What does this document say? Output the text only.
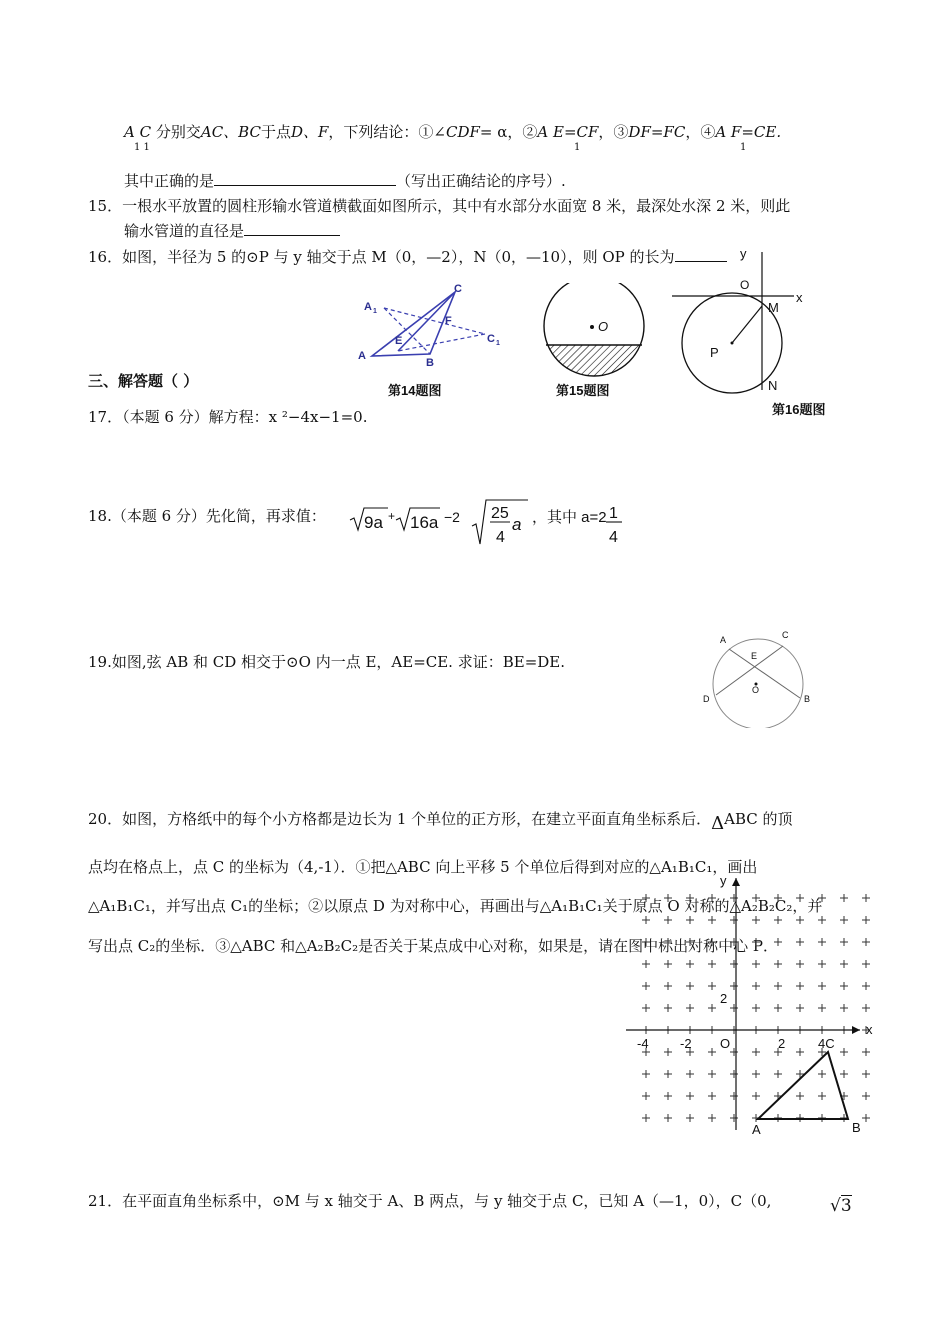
A C 分别交AC、BC于点D、F，下列结论：①∠CDF= α，②A E=CF，③DF=FC，④A F=CE.
1 1	1	1
其中正确的是	（写出正确结论的序号）.
15．一根水平放置的圆柱形输水管道横截面如图所示，其中有水部分水面宽 8 米，最深处水深 2 米，则此
输水管道的直径是
16．如图，半径为 5 的⊙P 与 y 轴交于点 M（0，—2），N（0，—10），则 OP 的长为
A 1
C
F
C 1
E
A
B
第14题图
O
第15题图
y
O
x
M
P
N
第16题图
三、解答题（ ）
17．（本题 6 分）解方程：x ²−4x−1=0.
18.（本题 6 分）先化简，再求值： 9a + 16a −2 25
4
a ，其中 a=2 1
4
19.如图,弦 AB 和 CD 相交于⊙O 内一点 E，AE=CE. 求证：BE=DE.
A	C
E
O
D	B
20．如图，方格纸中的每个小方格都是边长为 1 个单位的正方形，在建立平面直角坐标系后．ΔABC 的顶
点均在格点上，点 C 的坐标为（4,-1）．①把△ABC 向上平移 5 个单位后得到对应的△A₁B₁C₁，画出
△A₁B₁C₁，并写出点 C₁的坐标；②以原点 D 为对称中心，再画出与△A₁B₁C₁关于原点 O 对称的△A₂B₂C₂，并
写出点 C₂的坐标．③△ABC 和△A₂B₂C₂是否关于某点成中心对称，如果是，请在图中标出对称中心 P．
y
x
2
-4 -2 O	2	4C
A	B
21．在平面直角坐标系中，⊙M 与 x 轴交于 A、B 两点，与 y 轴交于点 C，已知 A（—1，0），C（0,	√3
